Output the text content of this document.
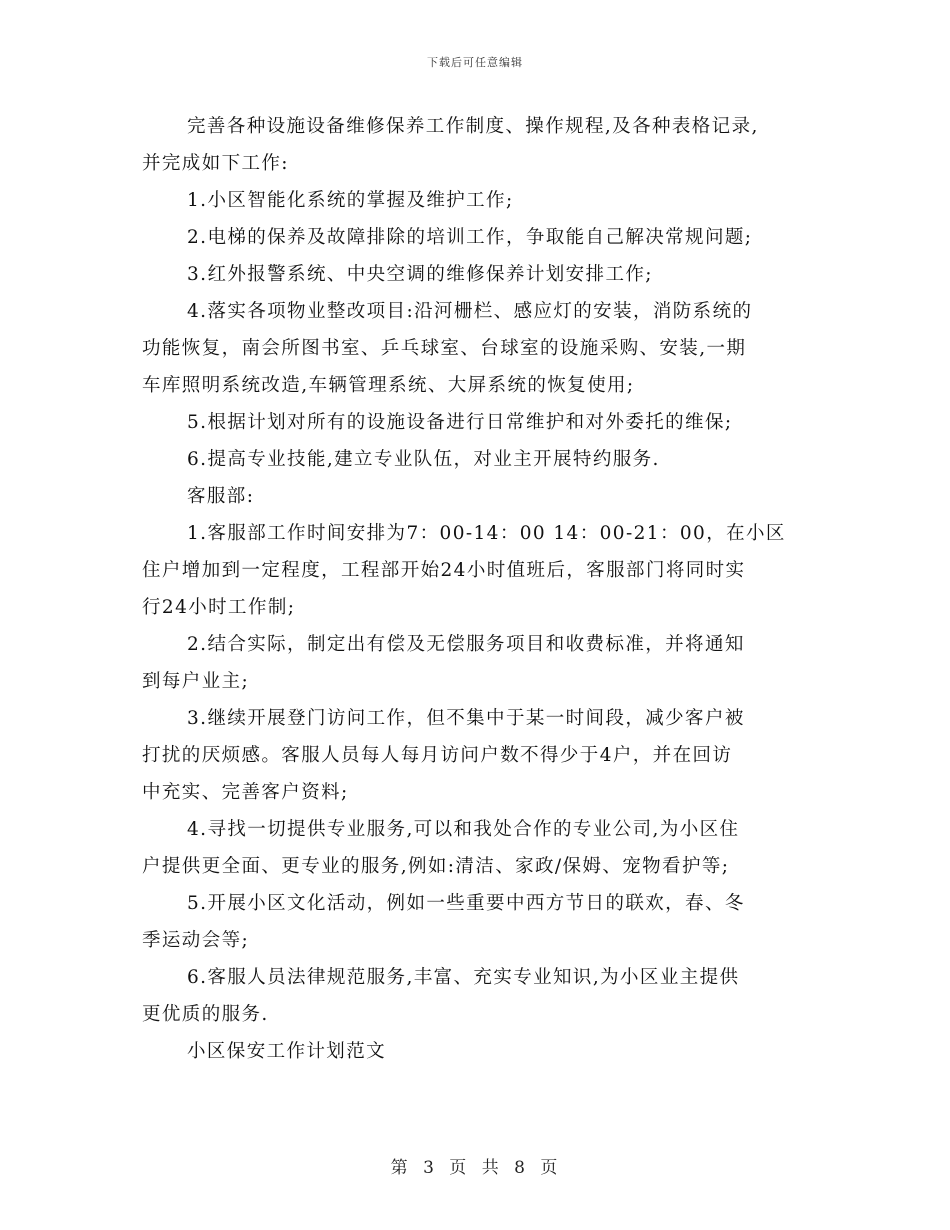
下载后可任意编辑
完善各种设施设备维修保养工作制度、操作规程,及各种表格记录,
并完成如下工作:
1.小区智能化系统的掌握及维护工作;
2.电梯的保养及故障排除的培训工作，争取能自己解决常规问题;
3.红外报警系统、中央空调的维修保养计划安排工作;
4.落实各项物业整改项目:沿河栅栏、感应灯的安装，消防系统的
功能恢复，南会所图书室、乒乓球室、台球室的设施采购、安装,一期
车库照明系统改造,车辆管理系统、大屏系统的恢复使用;
5.根据计划对所有的设施设备进行日常维护和对外委托的维保;
6.提高专业技能,建立专业队伍，对业主开展特约服务.
客服部:
1.客服部工作时间安排为7：00-14：00 14：00-21：00，在小区
住户增加到一定程度，工程部开始24小时值班后，客服部门将同时实
行24小时工作制;
2.结合实际，制定出有偿及无偿服务项目和收费标准，并将通知
到每户业主;
3.继续开展登门访问工作，但不集中于某一时间段，减少客户被
打扰的厌烦感。客服人员每人每月访问户数不得少于4户，并在回访
中充实、完善客户资料;
4.寻找一切提供专业服务,可以和我处合作的专业公司,为小区住
户提供更全面、更专业的服务,例如:清洁、家政/保姆、宠物看护等;
5.开展小区文化活动，例如一些重要中西方节日的联欢，春、冬
季运动会等;
6.客服人员法律规范服务,丰富、充实专业知识,为小区业主提供
更优质的服务.
小区保安工作计划范文
第 3 页 共 8 页
